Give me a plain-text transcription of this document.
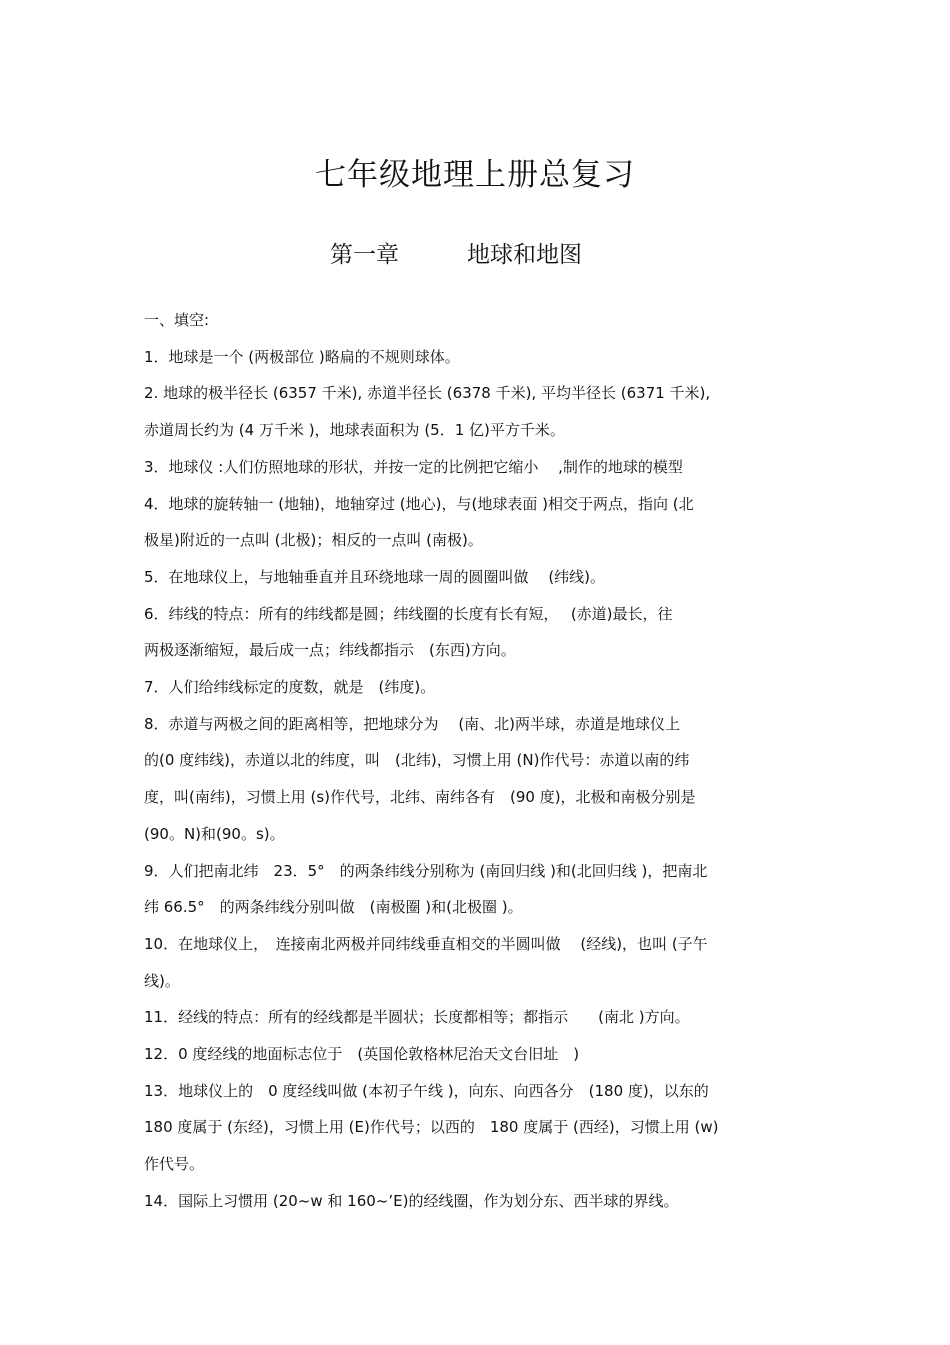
七年级地理上册总复习
第一章	地球和地图

一、填空:

1．地球是一个 (两极部位 )略扁的不规则球体。

2. 地球的极半径长 (6357 千米), 赤道半径长 (6378 千米), 平均半径长 (6371 千米),

赤道周长约为 (4 万千米 )，地球表面积为 (5．1 亿)平方千米。

3．地球仪 :人们仿照地球的形状，并按一定的比例把它缩小　 ,制作的地球的模型

4．地球的旋转轴一 (地轴)，地轴穿过 (地心)，与(地球表面 )相交于两点，指向 (北

极星)附近的一点叫 (北极)；相反的一点叫 (南极)。

5．在地球仪上，与地轴垂直并且环绕地球一周的圆圈叫做　 (纬线)。

6．纬线的特点：所有的纬线都是圆；纬线圈的长度有长有短，　 (赤道)最长，往

两极逐渐缩短，最后成一点；纬线都指示　(东西)方向。

7．人们给纬线标定的度数，就是　(纬度)。

8．赤道与两极之间的距离相等，把地球分为　 (南、北)两半球，赤道是地球仪上

的(0 度纬线)，赤道以北的纬度，叫　(北纬)，习惯上用 (N)作代号：赤道以南的纬

度，叫(南纬)，习惯上用 (s)作代号，北纬、南纬各有　(90 度)，北极和南极分别是

(90。N)和(90。s)。

9．人们把南北纬　23．5°　的两条纬线分别称为 (南回归线 )和(北回归线 )，把南北

纬 66.5°　的两条纬线分别叫做　(南极圈 )和(北极圈 )。

10．在地球仪上，　连接南北两极并同纬线垂直相交的半圆叫做　 (经线)，也叫 (子午

线)。

11．经线的特点：所有的经线都是半圆状；长度都相等；都指示　　(南北 )方向。

12．0 度经线的地面标志位于　(英国伦敦格林尼治天文台旧址　)

13．地球仪上的　0 度经线叫做 (本初子午线 )，向东、向西各分　(180 度)，以东的

180 度属于 (东经)，习惯上用 (E)作代号；以西的　180 度属于 (西经)，习惯上用 (w)

作代号。

14．国际上习惯用 (20~w 和 160~’E)的经线圈，作为划分东、西半球的界线。
